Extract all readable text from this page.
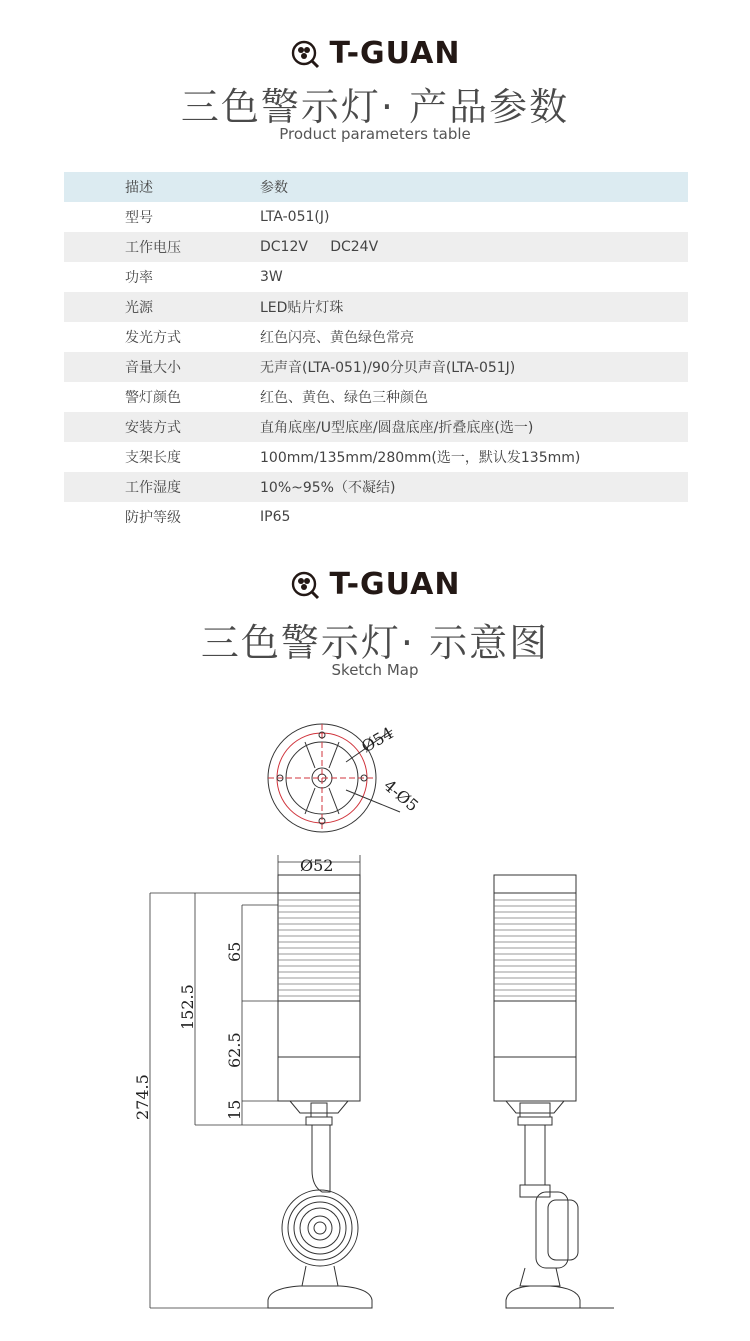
T-GUAN
三色警示灯· 产品参数
Product parameters table
描述	参数
型号	LTA-051(J)
工作电压	DC12V     DC24V
功率	3W
光源	LED贴片灯珠
发光方式	红色闪亮、黄色绿色常亮
音量大小	无声音(LTA-051)/90分贝声音(LTA-051J)
警灯颜色	红色、黄色、绿色三种颜色
安装方式	直角底座/U型底座/圆盘底座/折叠底座(选一)
支架长度	100mm/135mm/280mm(选一，默认发135mm)
工作湿度	10%~95%（不凝结)
防护等级	IP65
T-GUAN
三色警示灯· 示意图
Sketch Map
Ø54
4-Ø5
Ø52
65
152.5
62.5
15
274.5
